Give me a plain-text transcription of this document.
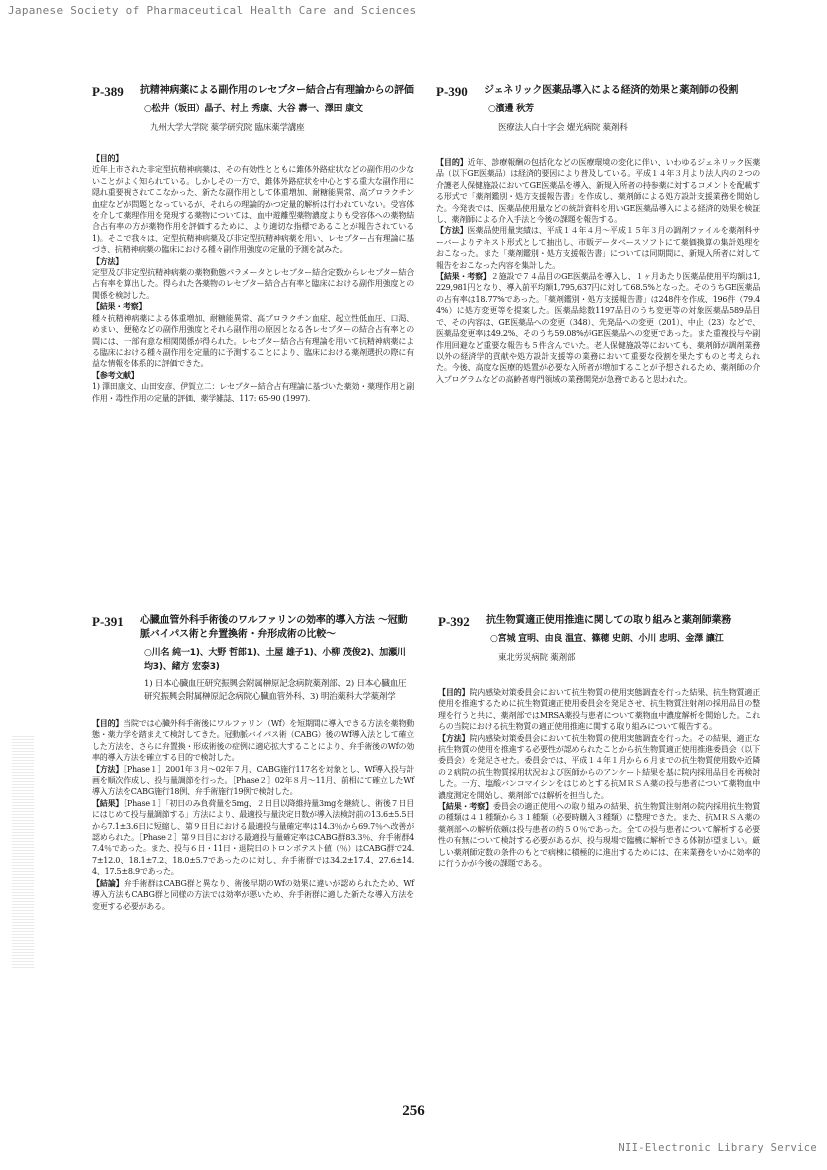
Japanese Society of Pharmaceutical Health Care and Sciences
P-389 抗精神病薬による副作用のレセプター結合占有理論からの評価
○松井（坂田）晶子、村上 秀康、大谷 壽一、澤田 康文
九州大学大学院 薬学研究院 臨床薬学講座

【目的】
近年上市された非定型抗精神病薬は、その有効性とともに錐体外路症状などの副作用の少ないことがよく知られている。しかしその一方で、錐体外路症状を中心とする重大な副作用に隠れ重要視されてこなかった、新たな副作用として体重増加、耐糖能異常、高プロラクチン血症などが問題となっているが、それらの理論的かつ定量的解析は行われていない。受容体を介して薬理作用を発現する薬物については、血中遊離型薬物濃度よりも受容体への薬物結合占有率の方が薬物作用を評価するために、より適切な指標であることが報告されている1)。そこで我々は、定型抗精神病薬及び非定型抗精神病薬を用い、レセプター占有理論に基づき、抗精神病薬の臨床における種々副作用強度の定量的予測を試みた。

【方法】
定型及び非定型抗精神病薬の薬物動態パラメータとレセプター結合定数からレセプター結合占有率を算出した。得られた各薬物のレセプター結合占有率と臨床における副作用強度との関係を検討した。

【結果・考察】
種々抗精神病薬による体重増加、耐糖能異常、高プロラクチン血症、起立性低血圧、口渇、めまい、便秘などの副作用強度とそれら副作用の原因となる各レセプターの結合占有率との間には、一部有意な相関関係が得られた。レセプター結合占有理論を用いて抗精神病薬による臨床における種々副作用を定量的に予測することにより、臨床における薬剤選択の際に有益な情報を体系的に評価できた。

【参考文献】

1) 澤田康文、山田安彦、伊賀立二：レセプター結合占有理論に基づいた薬効・薬理作用と副作用・毒性作用の定量的評価、薬学雑誌、117: 65-90 (1997).

P-390 ジェネリック医薬品導入による経済的効果と薬剤師の役割
○濱邊 秋芳
医療法人白十字会 燿光病院 薬剤科

【目的】近年、診療報酬の包括化などの医療環境の変化に伴い、いわゆるジェネリック医薬品（以下GE医薬品）は経済的要因により普及している。平成１４年３月より法人内の２つの介護老人保健施設においてGE医薬品を導入、新規入所者の持参薬に対するコメントを配載する形式で「薬剤鑑別・処方支援報告書」を作成し、薬剤師による処方設計支援業務を開始した。今発表では、医薬品使用量などの統計資料を用いGE医薬品導入による経済的効果を検証し、薬剤師による介入手法と今後の課題を報告する。

【方法】医薬品使用量実績は、平成１４年４月～平成１５年３月の調剤ファイルを薬剤科サーバーよりテキスト形式として抽出し、市販データベースソフトにて薬価換算の集計処理をおこなった。また「薬剤鑑別・処方支援報告書」については同期間に、新規入所者に対して報告をおこなった内容を集計した。

【結果・考察】２施設で７４品目のGE医薬品を導入し、１ヶ月あたり医薬品使用平均額は1,229,981円となり、導入前平均額1,795,637円に対して68.5%となった。そのうちGE医薬品の占有率は18.77%であった。「薬剤鑑別・処方支援報告書」は248件を作成、196件（79.44%）に処方変更等を提案した。医薬品総数1197品目のうち変更等の対象医薬品589品目で、その内容は、GE医薬品への変更（348）、先発品への変更（201）、中止（23）などで、医薬品変更率は49.2%、そのうち59.08%がGE医薬品への変更であった。また重複投与や副作用回避など重要な報告も５件含んでいた。老人保健施設等においても、薬剤師が調剤業務以外の経済学的貢献や処方設計支援等の業務において重要な役割を果たすものと考えられた。今後、高度な医療的処置が必要な入所者が増加することが予想されるため、薬剤師の介入プログラムなどの高齢者専門領域の業務開発が急務であると思われた。

P-391 心臓血管外科手術後のワルファリンの効率的導入方法 ～冠動脈バイパス術と弁置換術・弁形成術の比較～
○川名 純一1)、大野 哲郎1)、土屋 雄子1)、小柳 茂俊2)、加瀬川 均3)、緒方 宏泰3)
1) 日本心臓血圧研究振興会附属榊原記念病院薬剤部、2) 日本心臓血圧研究振興会附属榊原記念病院心臓血管外科、3) 明治薬科大学薬剤学

【目的】当院では心臓外科手術後にワルファリン（Wf）を短期間に導入できる方法を薬物動態・薬力学を踏まえて検討してきた。冠動脈バイパス術（CABG）後のWf導入法として確立した方法を、さらに弁置換・形成術後の症例に適応拡大することにより、弁手術後のWfの効率的導入方法を確立する目的で検討した。

【方法】［Phase１］2001年３月～02年７月、CABG施行117名を対象とし、Wf導入投与計画を順次作成し、投与量調節を行った。［Phase２］02年８月～11月、前相にて確立したWf導入方法をCABG施行18例、弁手術施行19例で検討した。

【結果】［Phase１］「初日のみ負荷量を5mg、２日目以降維持量3mgを継続し、術後７日目にはじめて投与量調節する」方法により、最適投与量決定日数が導入法検討前の13.6±5.5日から7.1±3.6日に短縮し、第９日目における最適投与量確定率は14.3％から69.7％へ改善が認められた。［Phase２］第９日目における最適投与量確定率はCABG群83.3％、弁手術群47.4％であった。また、投与６日・11日・退院日のトロンボテスト値（％）はCABG群で24.7±12.0、18.1±7.2、18.0±5.7であったのに対し、弁手術群では34.2±17.4、27.6±14.4、17.5±8.9であった。

【結論】弁手術群はCABG群と異なり、術後早期のWfの効果に違いが認められたため、Wf導入方法もCABG群と同様の方法では効率が悪いため、弁手術群に適した新たな導入方法を変更する必要がある。

P-392 抗生物質適正使用推進に関しての取り組みと薬剤師業務
○宮城 宣明、由良 温宣、篠穂 史朗、小川 忠明、金澤 讓江
東北労災病院 薬剤部

【目的】院内感染対策委員会において抗生物質の使用実態調査を行った結果、抗生物質適正使用を推進するために抗生物質適正使用委員会を発足させ、抗生物質注射剤の採用品目の整理を行うと共に、薬剤部ではMRSA薬投与患者について薬物血中濃度解析を開始した。これらの当院における抗生物質の適正使用推進に関する取り組みについて報告する。

【方法】院内感染対策委員会において抗生物質の使用実態調査を行った。その結果、適正な抗生物質の使用を推進する必要性が認められたことから抗生物質適正使用推進委員会（以下委員会）を発足させた。委員会では、平成１４年１月から６月までの抗生物質使用数や近隣の２病院の抗生物質採用状況および医師からのアンケート結果を基に院内採用品目を再検討した。一方、塩酸バンコマイシンをはじめとする抗ＭＲＳＡ薬の投与患者について薬物血中濃度測定を開始し、薬剤部では解析を担当した。

【結果・考察】委員会の適正使用への取り組みの結果、抗生物質注射剤の院内採用抗生物質の種類は４１種類から３１種類（必要時購入３種類）に整理できた。また、抗ＭＲＳＡ薬の薬剤部への解析依頼は投与患者の約５０％であった。全ての投与患者について解析する必要性の有無について検討する必要があるが、投与現場で臨機に解析できる体制が望ましい。厳しい薬剤師定数の条件のもとで病棟に積極的に進出するためには、在来業務をいかに効率的に行うかが今後の課題である。

256
NII-Electronic Library Service
